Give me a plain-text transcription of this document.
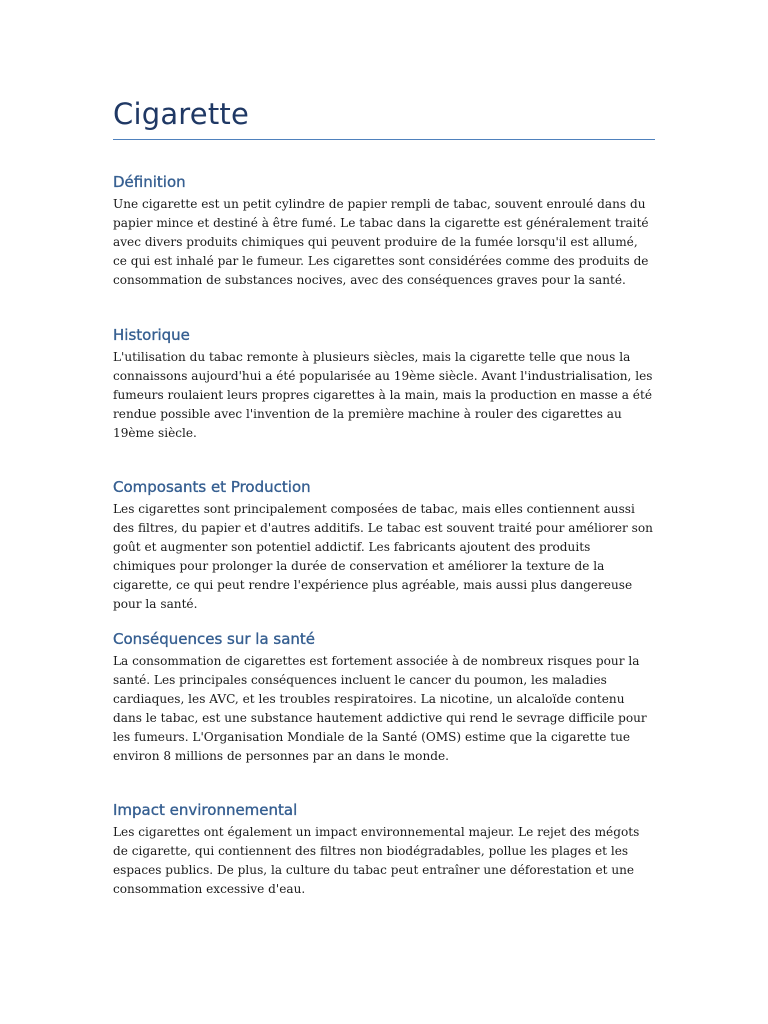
Cigarette
Définition

Une cigarette est un petit cylindre de papier rempli de tabac, souvent enroulé dans du papier mince et destiné à être fumé. Le tabac dans la cigarette est généralement traité avec divers produits chimiques qui peuvent produire de la fumée lorsqu'il est allumé, ce qui est inhalé par le fumeur. Les cigarettes sont considérées comme des produits de consommation de substances nocives, avec des conséquences graves pour la santé.

Historique

L'utilisation du tabac remonte à plusieurs siècles, mais la cigarette telle que nous la connaissons aujourd'hui a été popularisée au 19ème siècle. Avant l'industrialisation, les fumeurs roulaient leurs propres cigarettes à la main, mais la production en masse a été rendue possible avec l'invention de la première machine à rouler des cigarettes au 19ème siècle.

Composants et Production

Les cigarettes sont principalement composées de tabac, mais elles contiennent aussi des filtres, du papier et d'autres additifs. Le tabac est souvent traité pour améliorer son goût et augmenter son potentiel addictif. Les fabricants ajoutent des produits chimiques pour prolonger la durée de conservation et améliorer la texture de la cigarette, ce qui peut rendre l'expérience plus agréable, mais aussi plus dangereuse pour la santé.

Conséquences sur la santé

La consommation de cigarettes est fortement associée à de nombreux risques pour la santé. Les principales conséquences incluent le cancer du poumon, les maladies cardiaques, les AVC, et les troubles respiratoires. La nicotine, un alcaloïde contenu dans le tabac, est une substance hautement addictive qui rend le sevrage difficile pour les fumeurs. L'Organisation Mondiale de la Santé (OMS) estime que la cigarette tue environ 8 millions de personnes par an dans le monde.

Impact environnemental

Les cigarettes ont également un impact environnemental majeur. Le rejet des mégots de cigarette, qui contiennent des filtres non biodégradables, pollue les plages et les espaces publics. De plus, la culture du tabac peut entraîner une déforestation et une consommation excessive d'eau.
